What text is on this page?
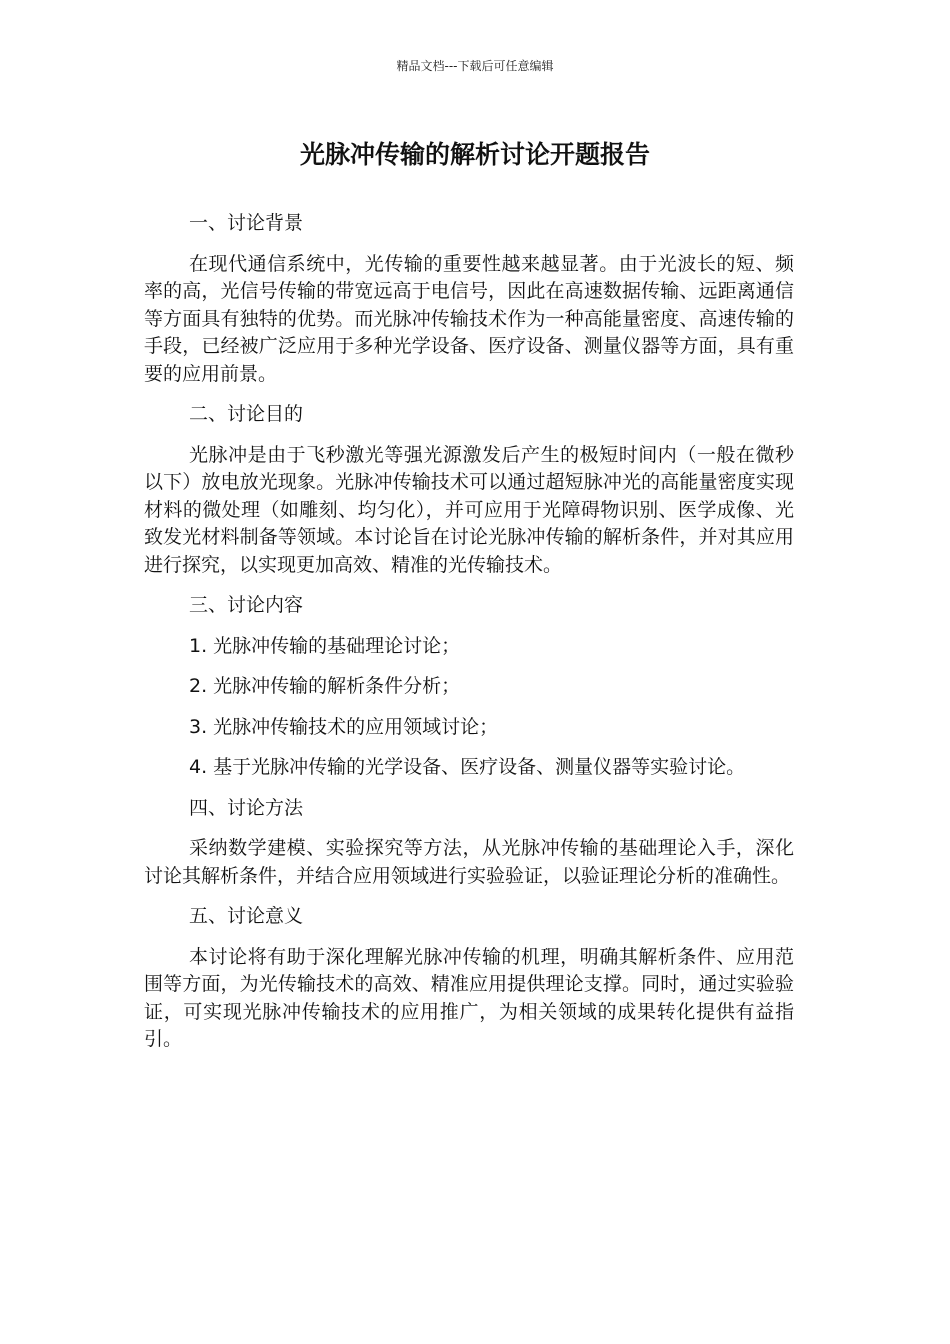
精品文档---下载后可任意编辑
光脉冲传输的解析讨论开题报告
一、讨论背景

在现代通信系统中，光传输的重要性越来越显著。由于光波长的短、频率的高，光信号传输的带宽远高于电信号，因此在高速数据传输、远距离通信等方面具有独特的优势。而光脉冲传输技术作为一种高能量密度、高速传输的手段，已经被广泛应用于多种光学设备、医疗设备、测量仪器等方面，具有重要的应用前景。

二、讨论目的

光脉冲是由于飞秒激光等强光源激发后产生的极短时间内（一般在微秒以下）放电放光现象。光脉冲传输技术可以通过超短脉冲光的高能量密度实现材料的微处理（如雕刻、均匀化），并可应用于光障碍物识别、医学成像、光致发光材料制备等领域。本讨论旨在讨论光脉冲传输的解析条件，并对其应用进行探究，以实现更加高效、精准的光传输技术。

三、讨论内容
1. 光脉冲传输的基础理论讨论；
2. 光脉冲传输的解析条件分析；
3. 光脉冲传输技术的应用领域讨论；
4. 基于光脉冲传输的光学设备、医疗设备、测量仪器等实验讨论。
四、讨论方法

采纳数学建模、实验探究等方法，从光脉冲传输的基础理论入手，深化讨论其解析条件，并结合应用领域进行实验验证，以验证理论分析的准确性。

五、讨论意义

本讨论将有助于深化理解光脉冲传输的机理，明确其解析条件、应用范围等方面，为光传输技术的高效、精准应用提供理论支撑。同时，通过实验验证，可实现光脉冲传输技术的应用推广，为相关领域的成果转化提供有益指引。
